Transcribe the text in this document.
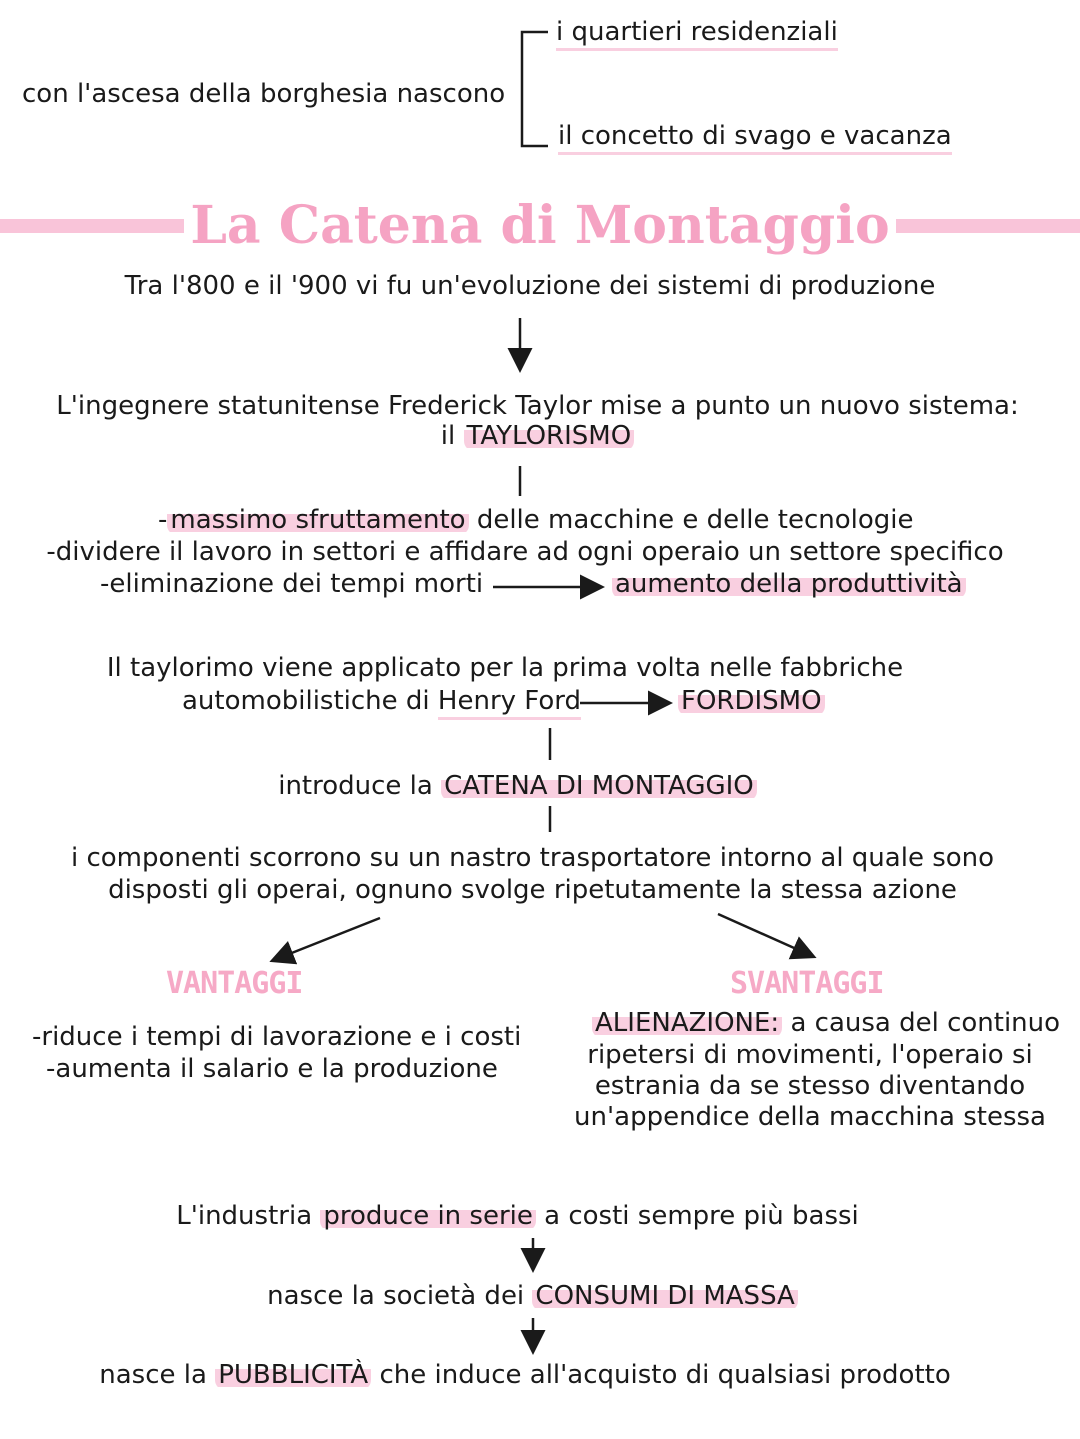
con l'ascesa della borghesia nascono
i quartieri residenziali
il concetto di svago e vacanza
La Catena di Montaggio
Tra l'800 e il '900 vi fu un'evoluzione dei sistemi di produzione
L'ingegnere statunitense Frederick Taylor mise a punto un nuovo sistema:
il TAYLORISMO
- massimo sfruttamento delle macchine e delle tecnologie
-dividere il lavoro in settori e affidare ad ogni operaio un settore specifico
-eliminazione dei tempi morti	aumento della produttività
Il taylorimo viene applicato per la prima volta nelle fabbriche
automobilistiche di Henry Ford	FORDISMO
introduce la CATENA DI MONTAGGIO
i componenti scorrono su un nastro trasportatore intorno al quale sono
disposti gli operai, ognuno svolge ripetutamente la stessa azione
VANTAGGI
-riduce i tempi di lavorazione e i costi
-aumenta il salario e la produzione
SVANTAGGI
ALIENAZIONE: a causa del continuo
ripetersi di movimenti, l'operaio si
estrania da se stesso diventando
un'appendice della macchina stessa
L'industria produce in serie a costi sempre più bassi
nasce la società dei CONSUMI DI MASSA
nasce la PUBBLICITÀ che induce all'acquisto di qualsiasi prodotto
